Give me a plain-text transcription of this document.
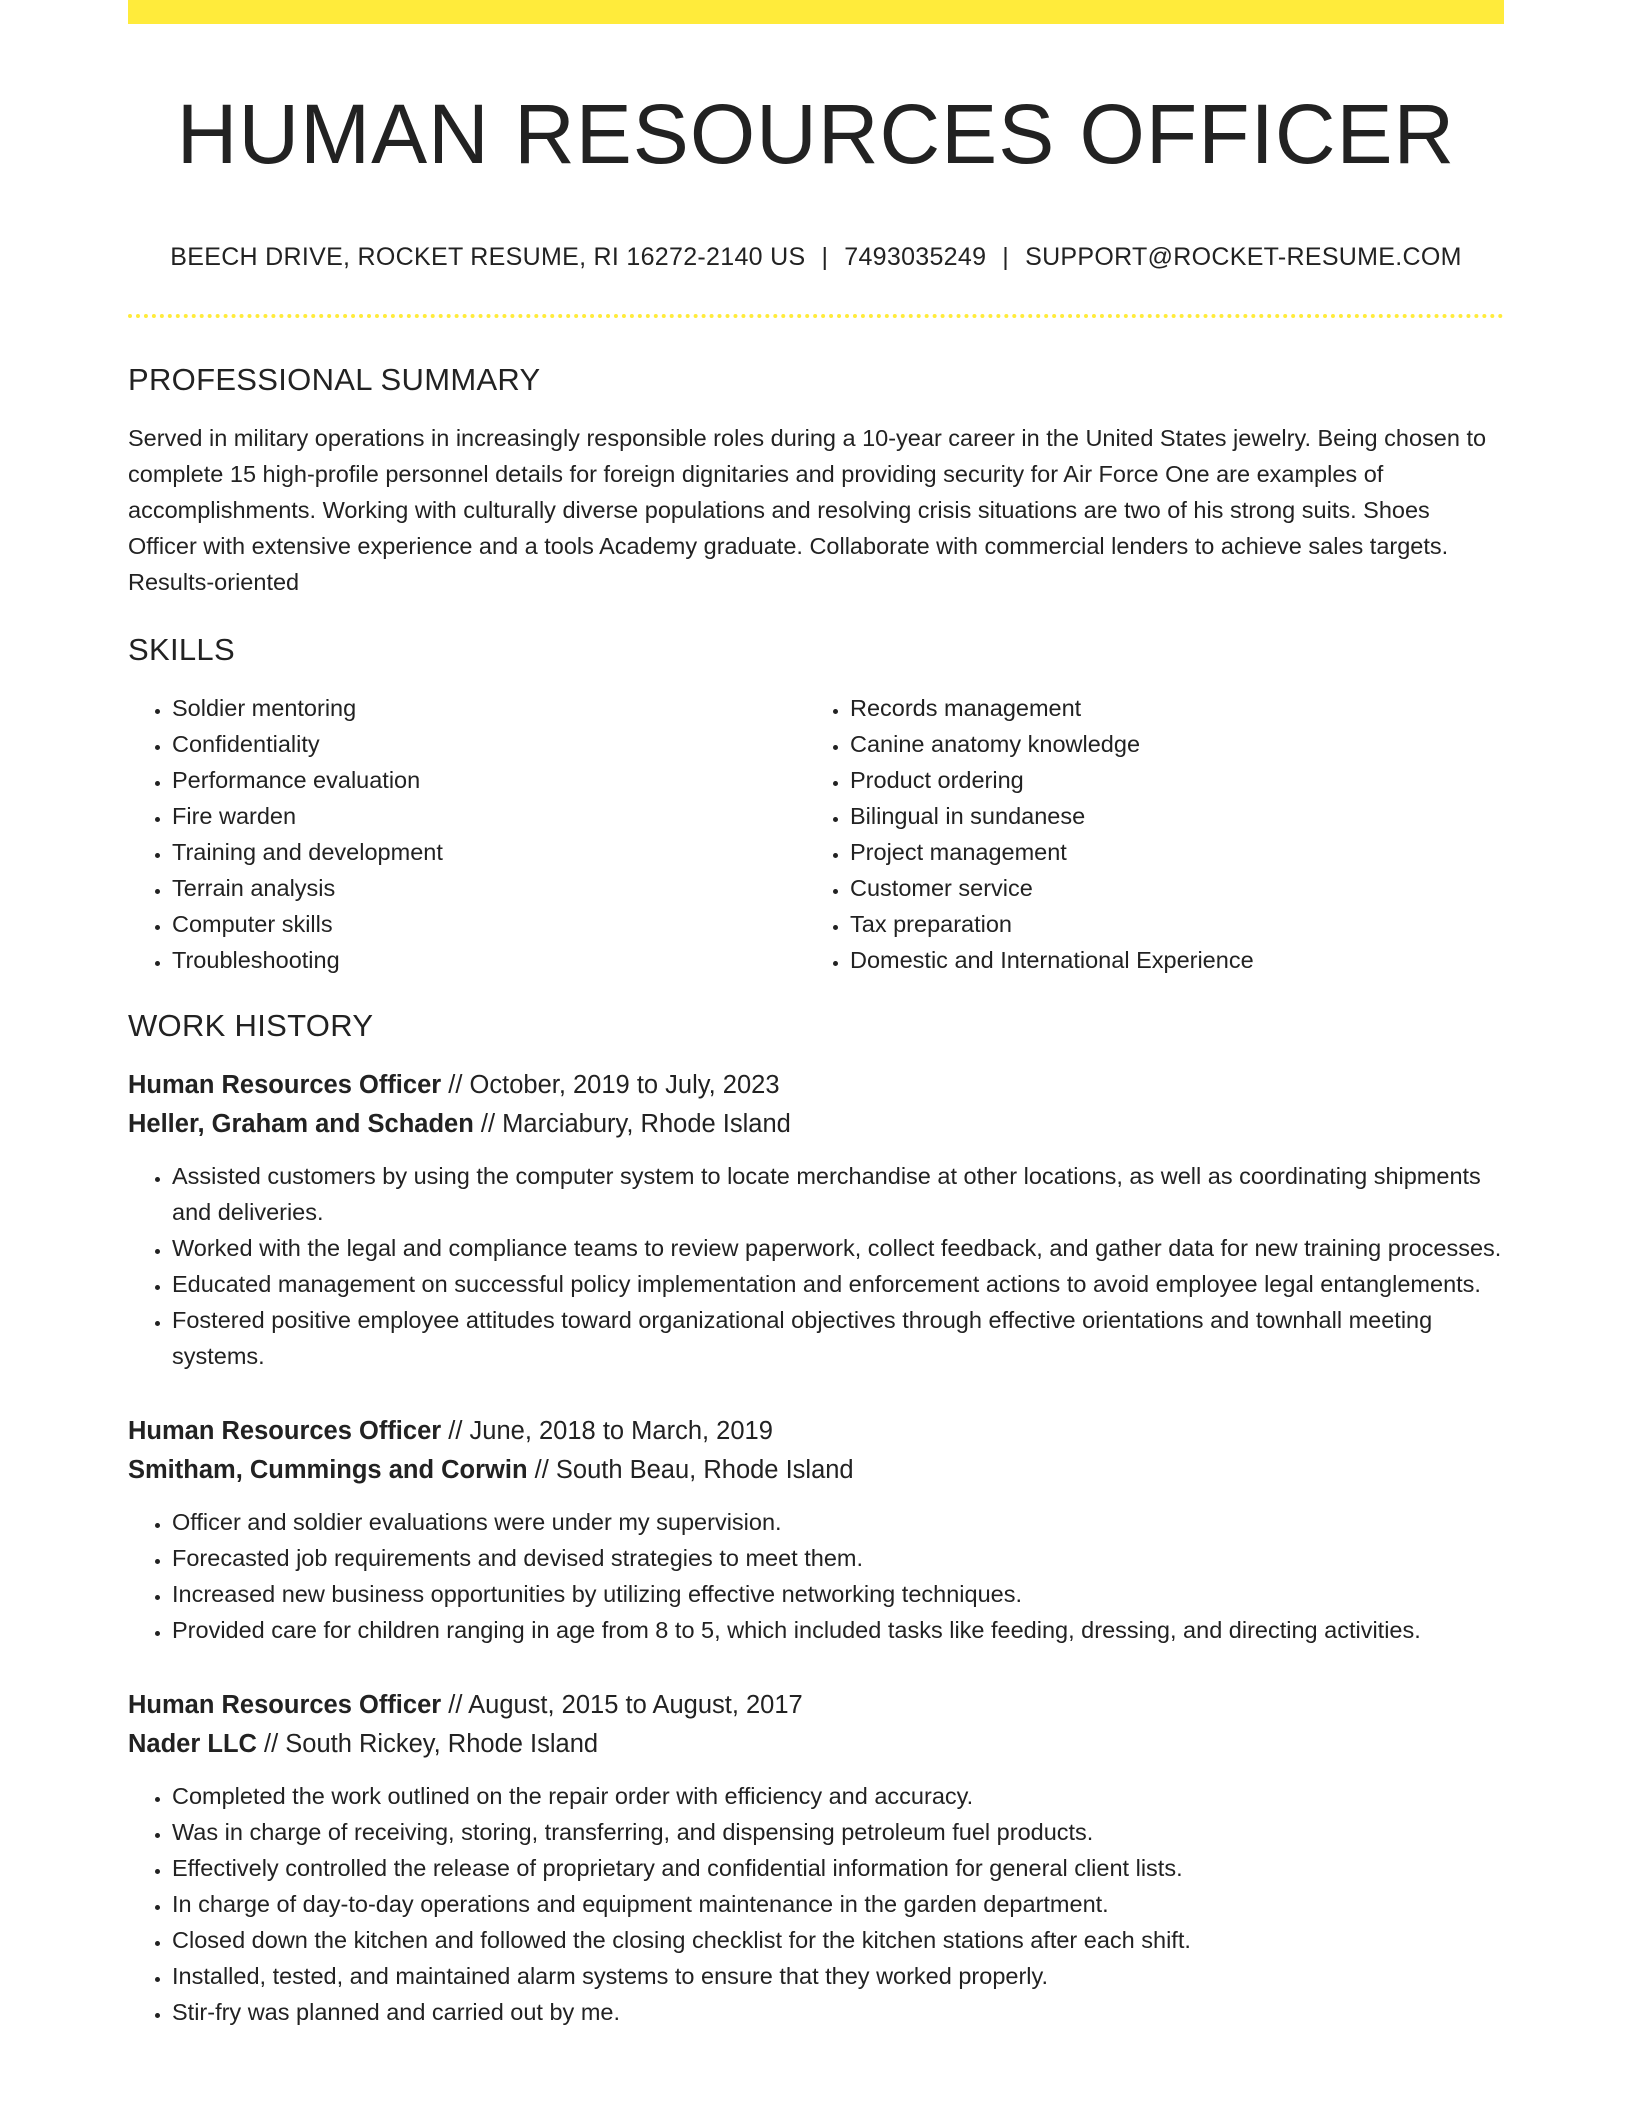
HUMAN RESOURCES OFFICER
BEECH DRIVE, ROCKET RESUME, RI 16272-2140 US | 7493035249 | SUPPORT@ROCKET-RESUME.COM
PROFESSIONAL SUMMARY
Served in military operations in increasingly responsible roles during a 10-year career in the United States jewelry. Being chosen to complete 15 high-profile personnel details for foreign dignitaries and providing security for Air Force One are examples of accomplishments. Working with culturally diverse populations and resolving crisis situations are two of his strong suits. Shoes Officer with extensive experience and a tools Academy graduate. Collaborate with commercial lenders to achieve sales targets. Results-oriented
SKILLS
• Soldier mentoring
• Confidentiality
• Performance evaluation
• Fire warden
• Training and development
• Terrain analysis
• Computer skills
• Troubleshooting
• Records management
• Canine anatomy knowledge
• Product ordering
• Bilingual in sundanese
• Project management
• Customer service
• Tax preparation
• Domestic and International Experience
WORK HISTORY
Human Resources Officer // October, 2019 to July, 2023
Heller, Graham and Schaden // Marciabury, Rhode Island
• Assisted customers by using the computer system to locate merchandise at other locations, as well as coordinating shipments and deliveries.
• Worked with the legal and compliance teams to review paperwork, collect feedback, and gather data for new training processes.
• Educated management on successful policy implementation and enforcement actions to avoid employee legal entanglements.
• Fostered positive employee attitudes toward organizational objectives through effective orientations and townhall meeting systems.
Human Resources Officer // June, 2018 to March, 2019
Smitham, Cummings and Corwin // South Beau, Rhode Island
• Officer and soldier evaluations were under my supervision.
• Forecasted job requirements and devised strategies to meet them.
• Increased new business opportunities by utilizing effective networking techniques.
• Provided care for children ranging in age from 8 to 5, which included tasks like feeding, dressing, and directing activities.
Human Resources Officer // August, 2015 to August, 2017
Nader LLC // South Rickey, Rhode Island
• Completed the work outlined on the repair order with efficiency and accuracy.
• Was in charge of receiving, storing, transferring, and dispensing petroleum fuel products.
• Effectively controlled the release of proprietary and confidential information for general client lists.
• In charge of day-to-day operations and equipment maintenance in the garden department.
• Closed down the kitchen and followed the closing checklist for the kitchen stations after each shift.
• Installed, tested, and maintained alarm systems to ensure that they worked properly.
• Stir-fry was planned and carried out by me.
